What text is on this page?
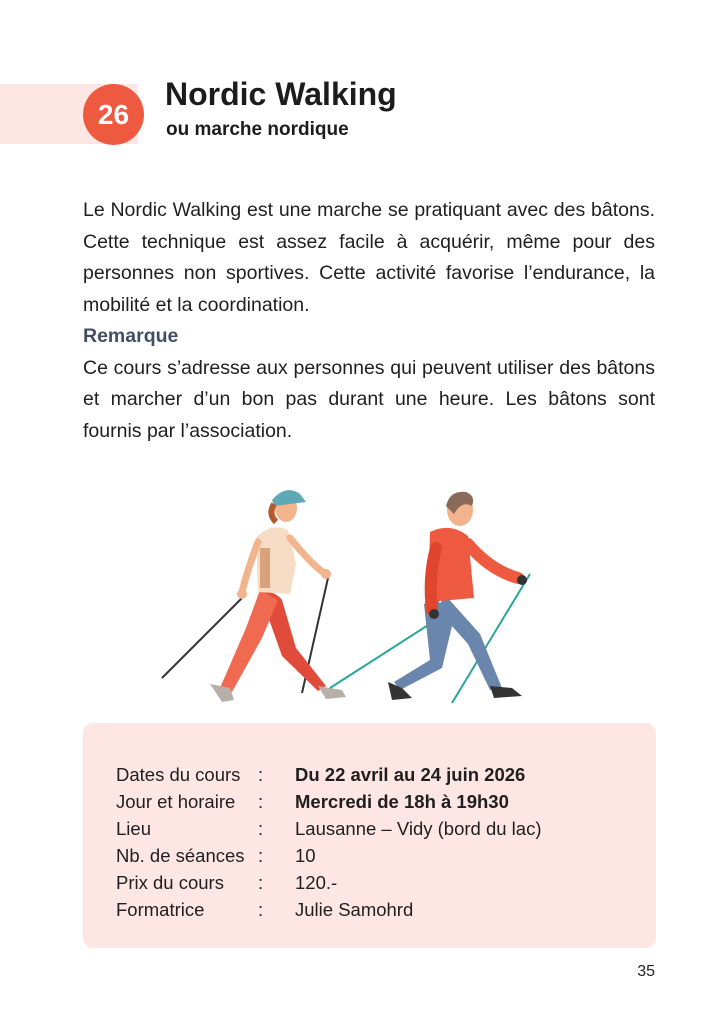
26
Nordic Walking
ou marche nordique

Le Nordic Walking est une marche se pratiquant avec des bâtons. Cette technique est assez facile à acquérir, même pour des personnes non sportives. Cette activité favorise l’endurance, la mobilité et la coordination.

Remarque

Ce cours s’adresse aux personnes qui peuvent utiliser des bâtons et marcher d’un bon pas durant une heure. Les bâtons sont fournis par l’association.

Dates du cours : Du 22 avril au 24 juin 2026
Jour et horaire : Mercredi de 18h à 19h30
Lieu	: Lausanne – Vidy (bord du lac)
Nb. de séances : 10
Prix du cours : 120.-
Formatrice	: Julie Samohrd
35
